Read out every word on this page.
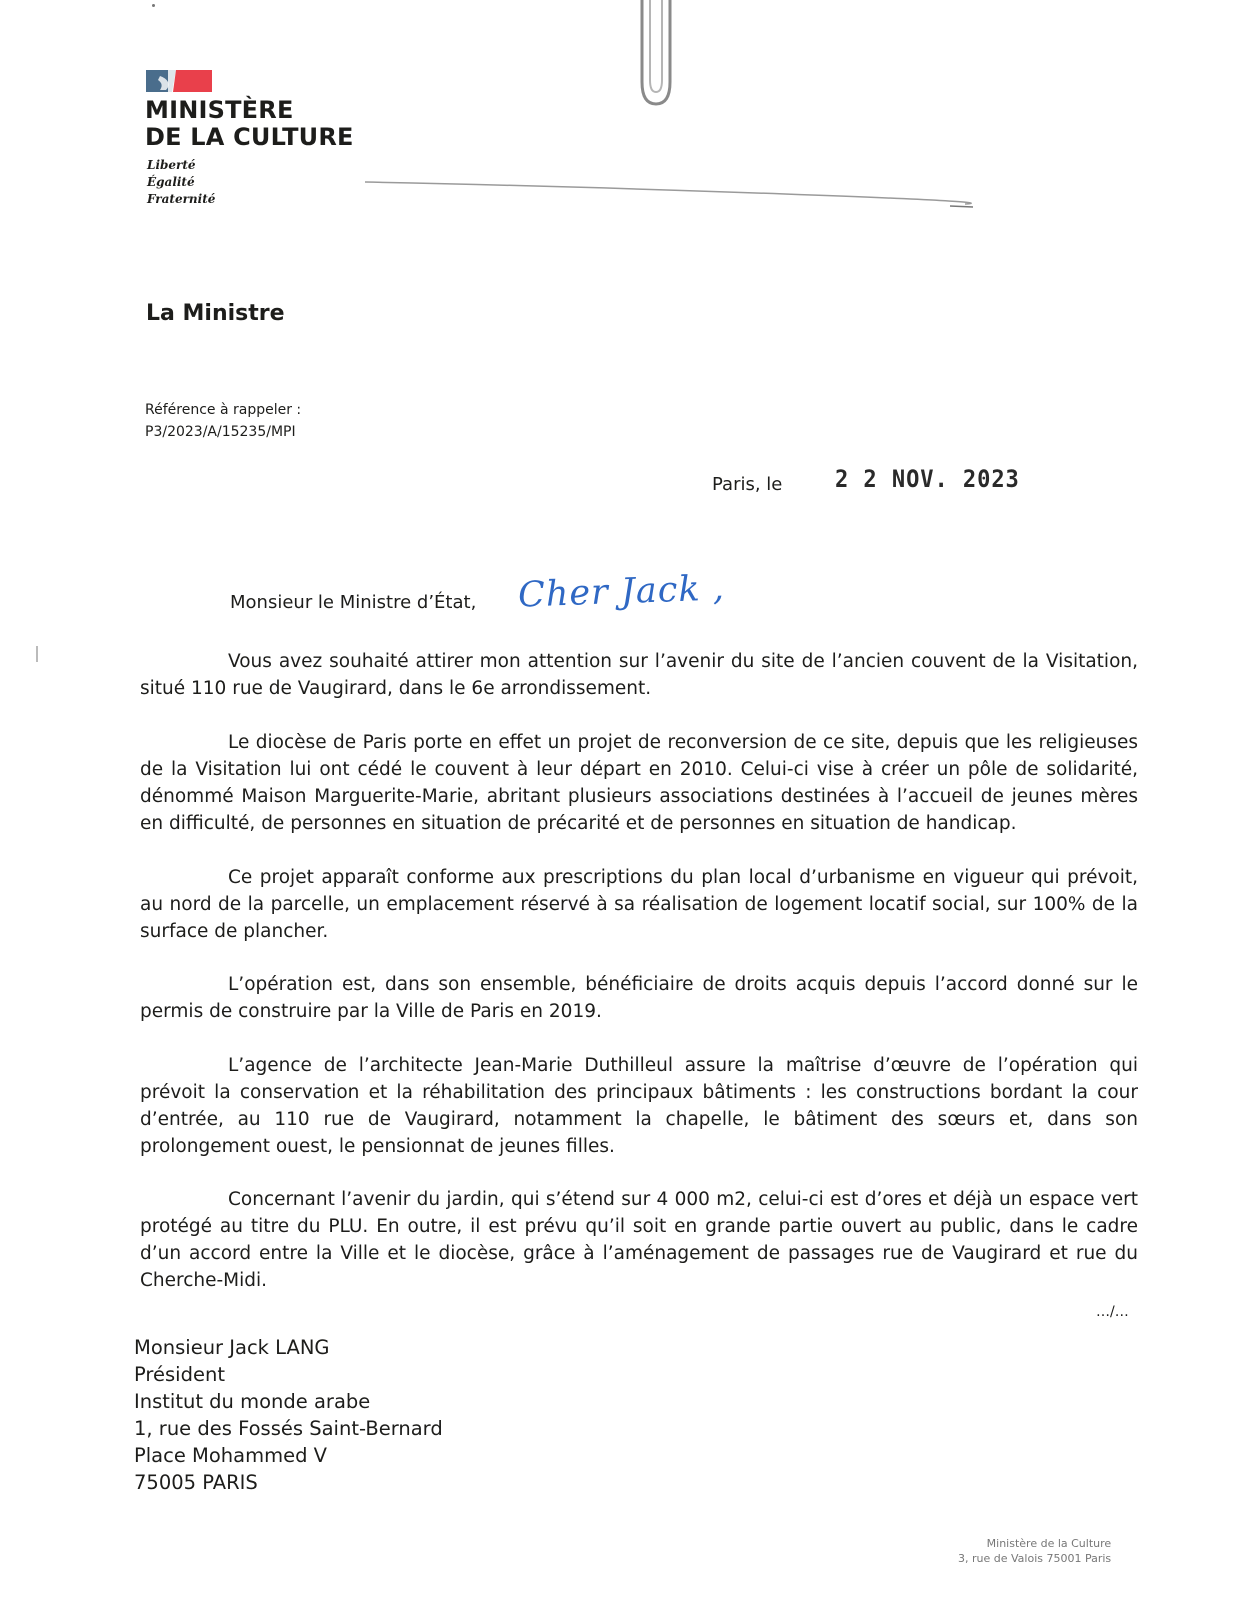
MINISTÈRE
DE LA CULTURE
Liberté
Égalité
Fraternité
La Ministre
Référence à rappeler :
P3/2023/A/15235/MPI
Paris, le 2 2 NOV. 2023
Monsieur le Ministre d’État, Cher Jack ,

Vous avez souhaité attirer mon attention sur l’avenir du site de l’ancien couvent de la Visitation, situé 110 rue de Vaugirard, dans le 6e arrondissement.

Le diocèse de Paris porte en effet un projet de reconversion de ce site, depuis que les religieuses de la Visitation lui ont cédé le couvent à leur départ en 2010. Celui-ci vise à créer un pôle de solidarité, dénommé Maison Marguerite-Marie, abritant plusieurs associations destinées à l’accueil de jeunes mères en difficulté, de personnes en situation de précarité et de personnes en situation de handicap.

Ce projet apparaît conforme aux prescriptions du plan local d’urbanisme en vigueur qui prévoit, au nord de la parcelle, un emplacement réservé à sa réalisation de logement locatif social, sur 100% de la surface de plancher.

L’opération est, dans son ensemble, bénéficiaire de droits acquis depuis l’accord donné sur le permis de construire par la Ville de Paris en 2019.

L’agence de l’architecte Jean-Marie Duthilleul assure la maîtrise d’œuvre de l’opération qui prévoit la conservation et la réhabilitation des principaux bâtiments : les constructions bordant la cour d’entrée, au 110 rue de Vaugirard, notamment la chapelle, le bâtiment des sœurs et, dans son prolongement ouest, le pensionnat de jeunes filles.

Concernant l’avenir du jardin, qui s’étend sur 4 000 m2, celui-ci est d’ores et déjà un espace vert protégé au titre du PLU. En outre, il est prévu qu’il soit en grande partie ouvert au public, dans le cadre d’un accord entre la Ville et le diocèse, grâce à l’aménagement de passages rue de Vaugirard et rue du Cherche-Midi.

…/…
Monsieur Jack LANG
Président
Institut du monde arabe
1, rue des Fossés Saint-Bernard
Place Mohammed V
75005 PARIS
Ministère de la Culture
3, rue de Valois 75001 Paris
